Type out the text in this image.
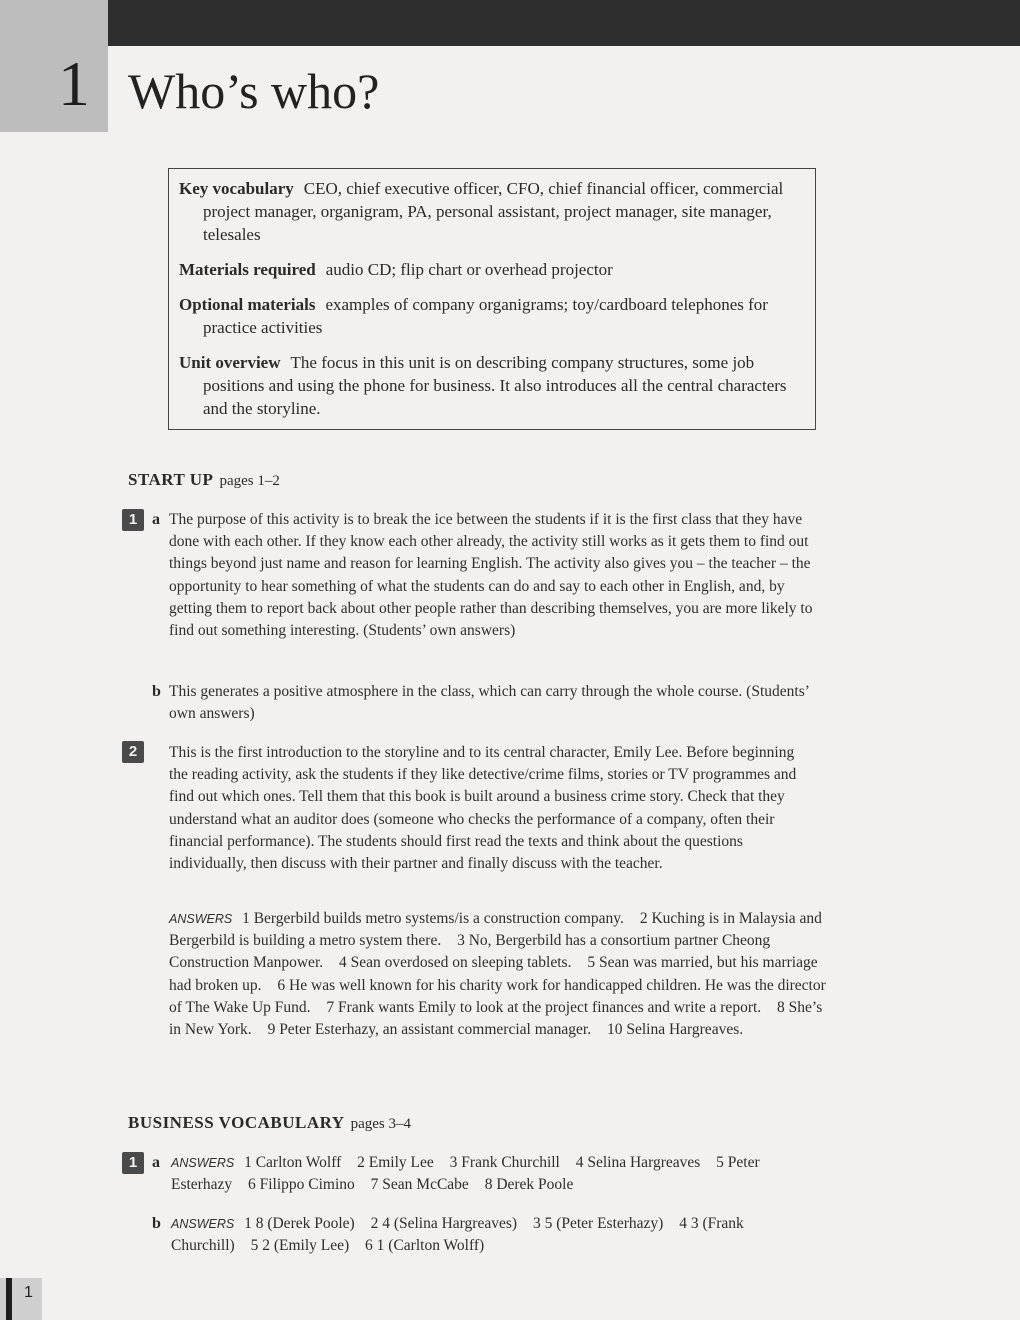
1 Who’s who?
Key vocabulary CEO, chief executive officer, CFO, chief financial officer, commercial project manager, organigram, PA, personal assistant, project manager, site manager, telesales
Materials required audio CD; flip chart or overhead projector
Optional materials examples of company organigrams; toy/cardboard telephones for practice activities
Unit overview The focus in this unit is on describing company structures, some job positions and using the phone for business. It also introduces all the central characters and the storyline.
START UP pages 1–2
1 a The purpose of this activity is to break the ice between the students if it is the first class that they have done with each other. If they know each other already, the activity still works as it gets them to find out things beyond just name and reason for learning English. The activity also gives you – the teacher – the opportunity to hear something of what the students can do and say to each other in English, and, by getting them to report back about other people rather than describing themselves, you are more likely to find out something interesting. (Students’ own answers)
b This generates a positive atmosphere in the class, which can carry through the whole course. (Students’ own answers)
2	This is the first introduction to the storyline and to its central character, Emily Lee. Before beginning the reading activity, ask the students if they like detective/crime films, stories or TV programmes and find out which ones. Tell them that this book is built around a business crime story. Check that they understand what an auditor does (someone who checks the performance of a company, often their financial performance). The students should first read the texts and think about the questions individually, then discuss with their partner and finally discuss with the teacher.
ANSWERS 1 Bergerbild builds metro systems/is a construction company. 2 Kuching is in Malaysia and Bergerbild is building a metro system there. 3 No, Bergerbild has a consortium partner Cheong Construction Manpower. 4 Sean overdosed on sleeping tablets. 5 Sean was married, but his marriage had broken up. 6 He was well known for his charity work for handicapped children. He was the director of The Wake Up Fund. 7 Frank wants Emily to look at the project finances and write a report. 8 She’s in New York. 9 Peter Esterhazy, an assistant commercial manager. 10 Selina Hargreaves.
BUSINESS VOCABULARY pages 3–4
1 a ANSWERS 1 Carlton Wolff 2 Emily Lee 3 Frank Churchill 4 Selina Hargreaves 5 Peter Esterhazy 6 Filippo Cimino 7 Sean McCabe 8 Derek Poole
b ANSWERS 1 8 (Derek Poole) 2 4 (Selina Hargreaves) 3 5 (Peter Esterhazy) 4 3 (Frank Churchill) 5 2 (Emily Lee) 6 1 (Carlton Wolff)
1
